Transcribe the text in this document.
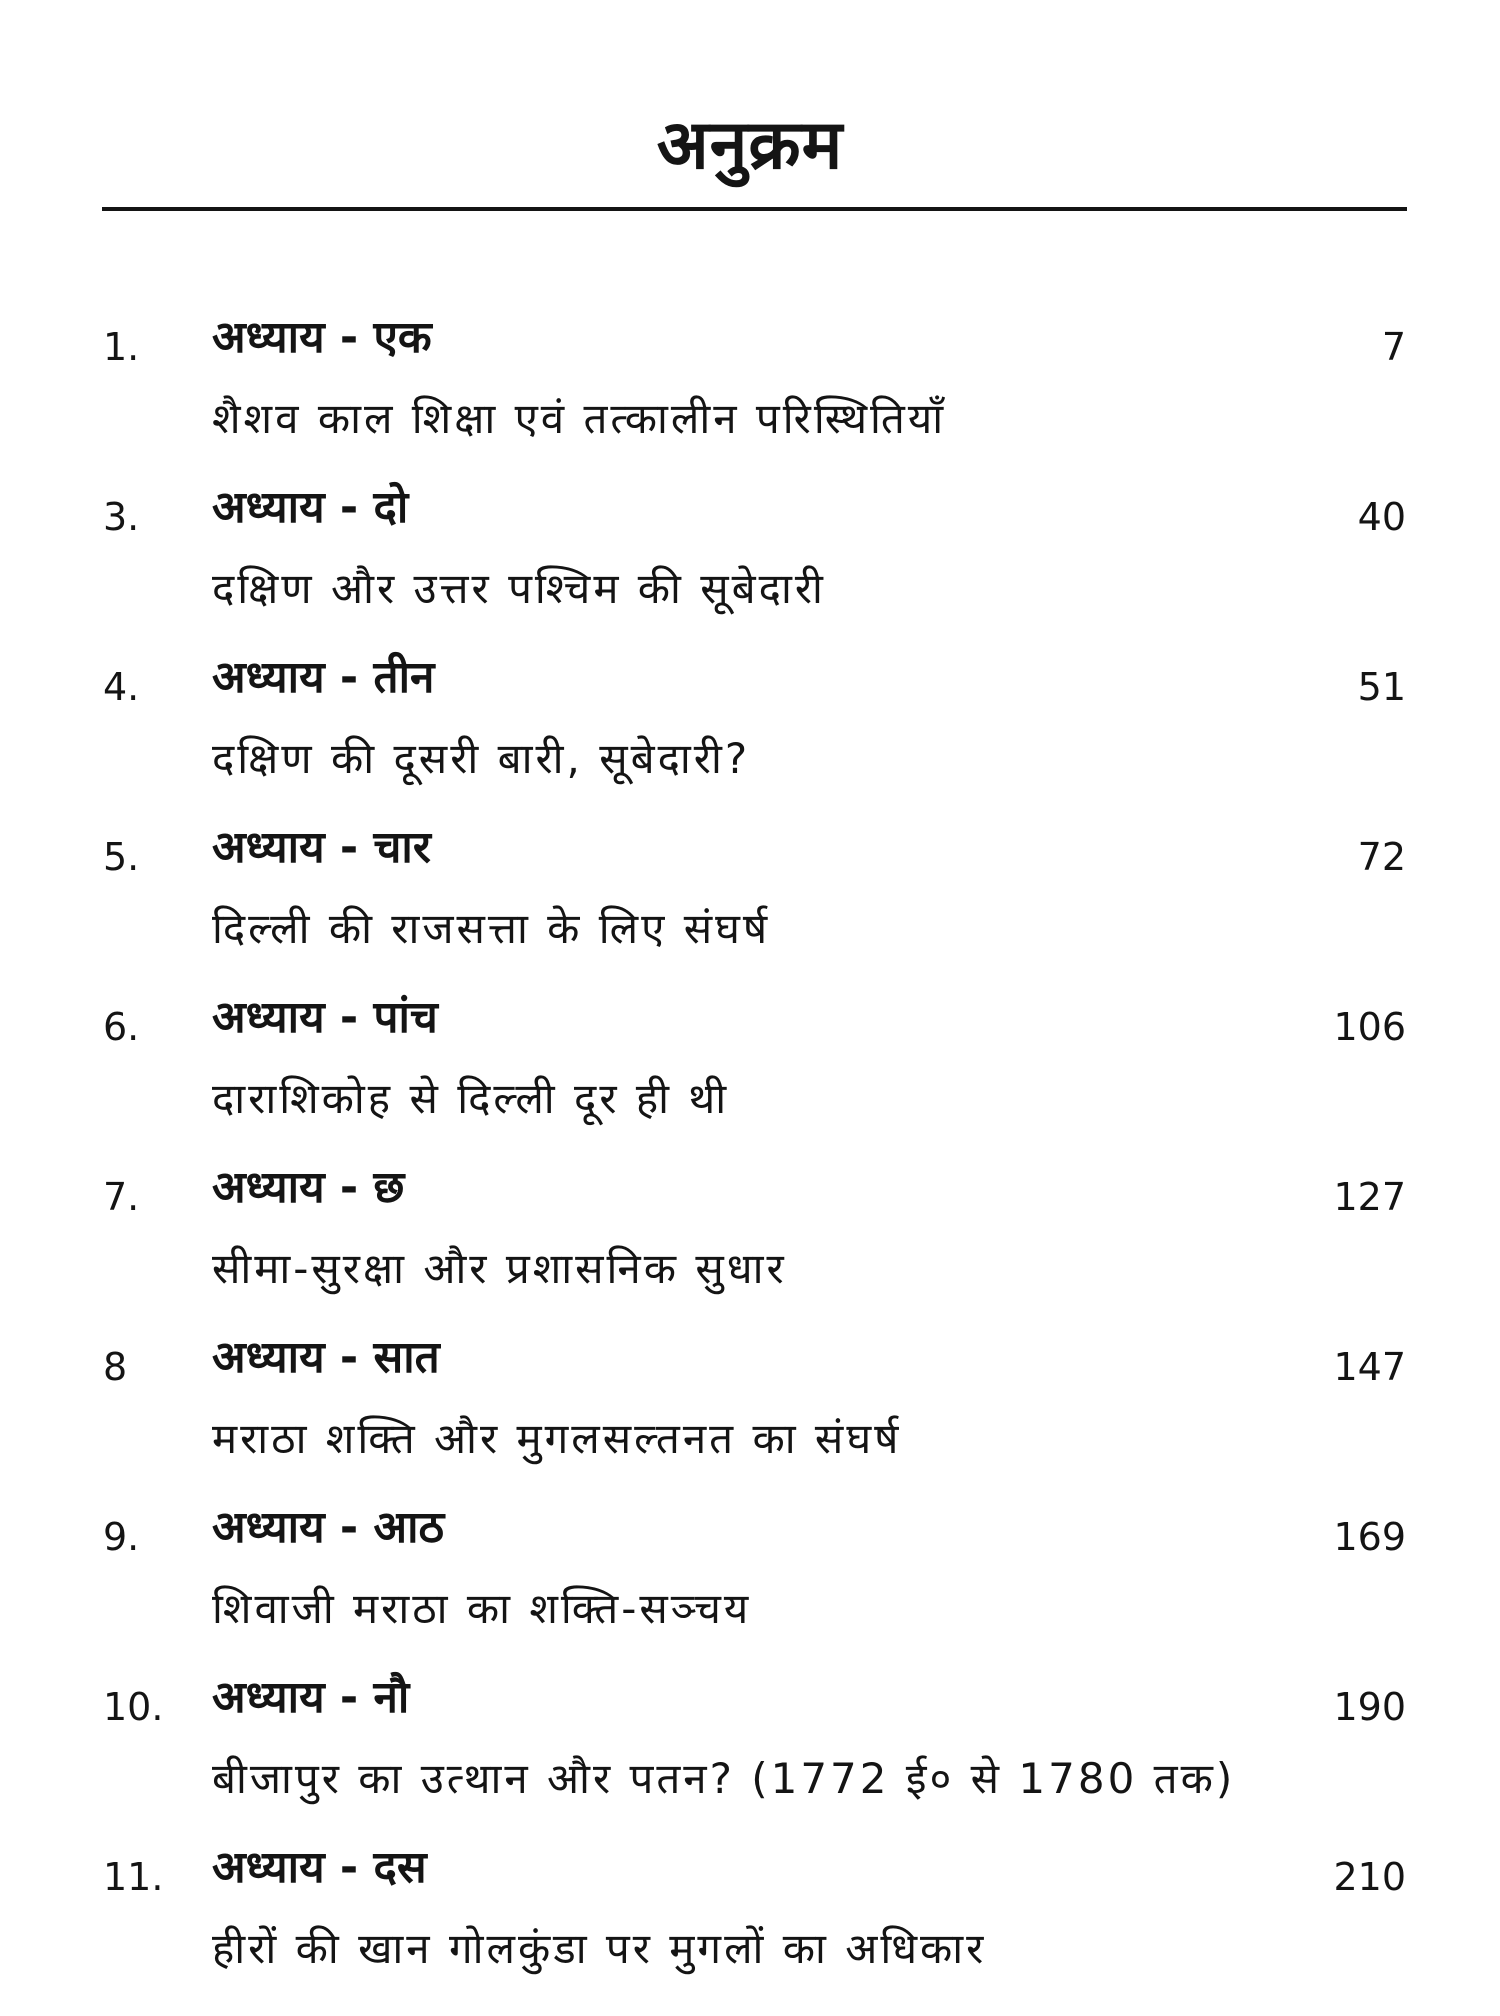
अनुक्रम
1. अध्याय - एक	7
शैशव काल शिक्षा एवं तत्कालीन परिस्थितियाँ
3. अध्याय - दो	40
दक्षिण और उत्तर पश्चिम की सूबेदारी
4. अध्याय - तीन	51
दक्षिण की दूसरी बारी, सूबेदारी?
5. अध्याय - चार	72
दिल्ली की राजसत्ता के लिए संघर्ष
6. अध्याय - पांच	106
दाराशिकोह से दिल्ली दूर ही थी
7. अध्याय - छ	127
सीमा-सुरक्षा और प्रशासनिक सुधार
8 अध्याय - सात	147
मराठा शक्ति और मुगलसल्तनत का संघर्ष
9. अध्याय - आठ	169
शिवाजी मराठा का शक्ति-सञ्चय
10. अध्याय - नौ	190
बीजापुर का उत्थान और पतन? (1772 ई० से 1780 तक)
11. अध्याय - दस	210
हीरों की खान गोलकुंडा पर मुगलों का अधिकार
